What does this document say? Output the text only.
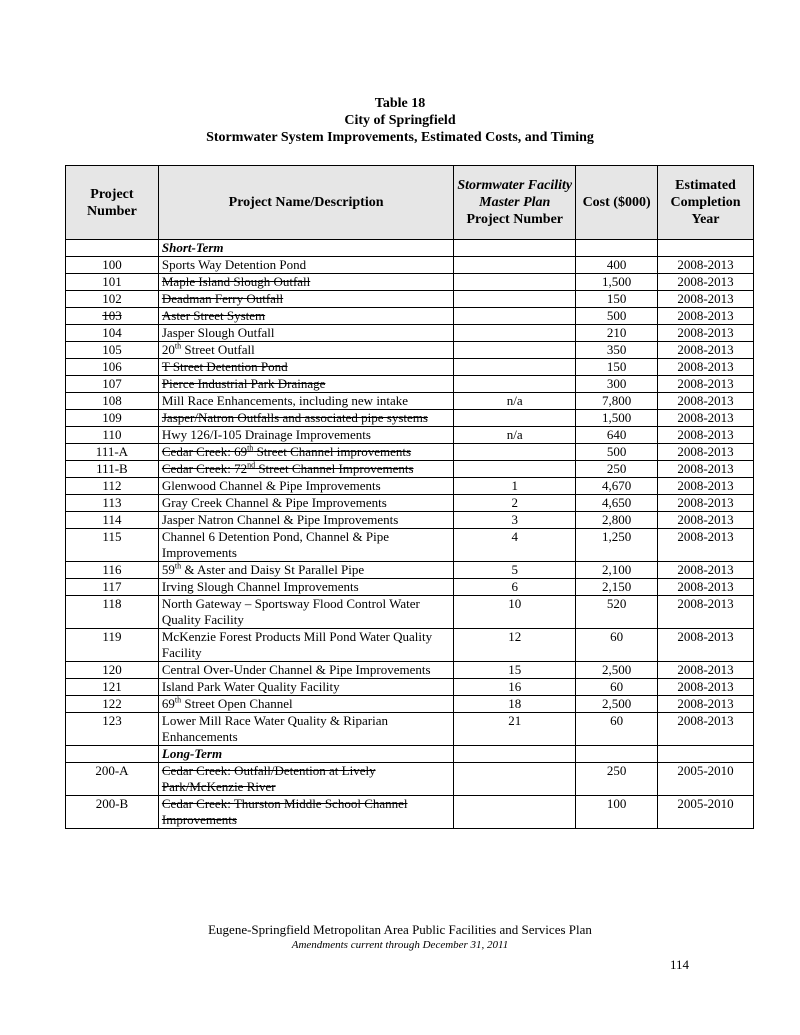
Table 18
City of Springfield
Stormwater System Improvements, Estimated Costs, and Timing
Project Number	Project Name/Description	Stormwater Facility Master Plan Project Number	Cost ($000)	Estimated Completion Year
	Short-Term			
100	Sports Way Detention Pond		400	2008-2013
101	Maple Island Slough Outfall		1,500	2008-2013
102	Deadman Ferry Outfall		150	2008-2013
103	Aster Street System		500	2008-2013
104	Jasper Slough Outfall		210	2008-2013
105	20th Street Outfall		350	2008-2013
106	T Street Detention Pond		150	2008-2013
107	Pierce Industrial Park Drainage		300	2008-2013
108	Mill Race Enhancements, including new intake	n/a	7,800	2008-2013
109	Jasper/Natron Outfalls and associated pipe systems		1,500	2008-2013
110	Hwy 126/I-105 Drainage Improvements	n/a	640	2008-2013
111-A	Cedar Creek: 69th Street Channel improvements		500	2008-2013
111-B	Cedar Creek: 72nd Street Channel Improvements		250	2008-2013
112	Glenwood Channel & Pipe Improvements	1	4,670	2008-2013
113	Gray Creek Channel & Pipe Improvements	2	4,650	2008-2013
114	Jasper Natron Channel & Pipe Improvements	3	2,800	2008-2013
115	Channel 6 Detention Pond, Channel & Pipe Improvements	4	1,250	2008-2013
116	59th & Aster and Daisy St Parallel Pipe	5	2,100	2008-2013
117	Irving Slough Channel Improvements	6	2,150	2008-2013
118	North Gateway – Sportsway Flood Control Water Quality Facility	10	520	2008-2013
119	McKenzie Forest Products Mill Pond Water Quality Facility	12	60	2008-2013
120	Central Over-Under Channel & Pipe Improvements	15	2,500	2008-2013
121	Island Park Water Quality Facility	16	60	2008-2013
122	69th Street Open Channel	18	2,500	2008-2013
123	Lower Mill Race Water Quality & Riparian Enhancements	21	60	2008-2013
	Long-Term			
200-A	Cedar Creek: Outfall/Detention at Lively Park/McKenzie River		250	2005-2010
200-B	Cedar Creek: Thurston Middle School Channel Improvements		100	2005-2010
Eugene-Springfield Metropolitan Area Public Facilities and Services Plan
Amendments current through December 31, 2011
114
